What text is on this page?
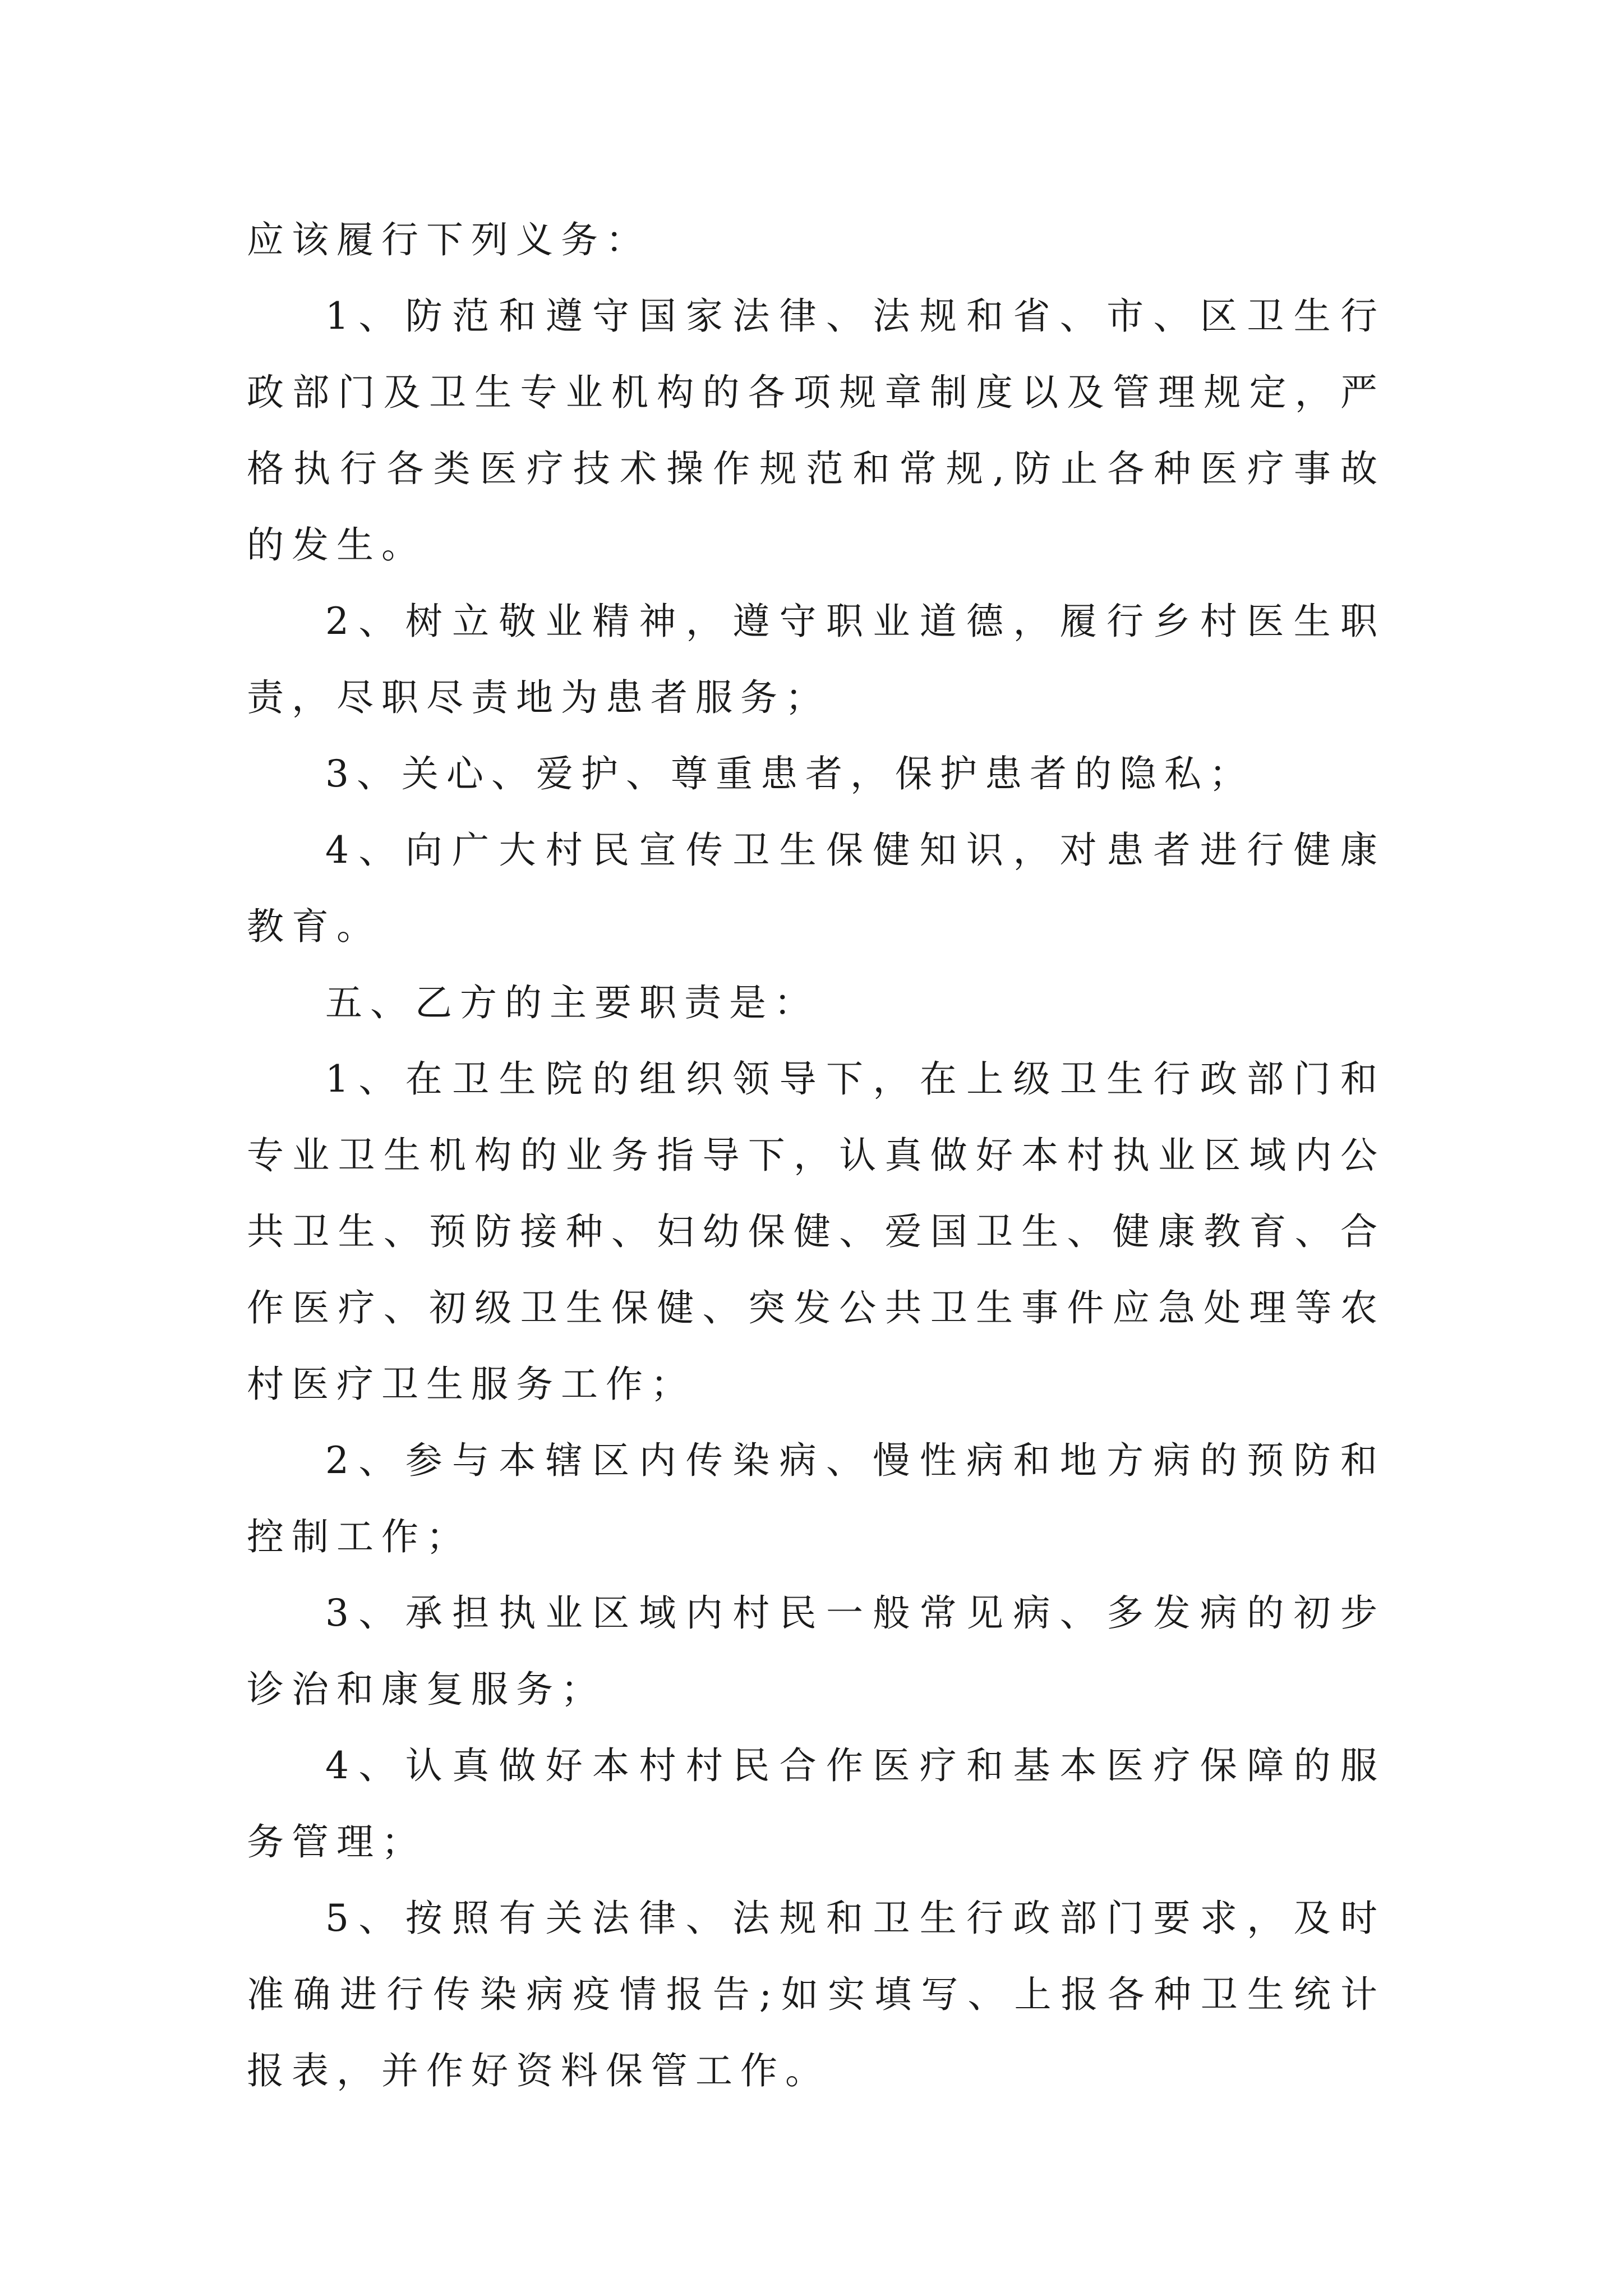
应该履行下列义务：

1、防范和遵守国家法律、法规和省、市、区卫生行政部门及卫生专业机构的各项规章制度以及管理规定，严格执行各类医疗技术操作规范和常规,防止各种医疗事故的发生。

2、树立敬业精神，遵守职业道德，履行乡村医生职责，尽职尽责地为患者服务；

3、关心、爱护、尊重患者，保护患者的隐私；

4、向广大村民宣传卫生保健知识，对患者进行健康教育。

五、乙方的主要职责是：

1、在卫生院的组织领导下，在上级卫生行政部门和专业卫生机构的业务指导下，认真做好本村执业区域内公共卫生、预防接种、妇幼保健、爱国卫生、健康教育、合作医疗、初级卫生保健、突发公共卫生事件应急处理等农村医疗卫生服务工作；

2、参与本辖区内传染病、慢性病和地方病的预防和控制工作；

3、承担执业区域内村民一般常见病、多发病的初步诊治和康复服务；

4、认真做好本村村民合作医疗和基本医疗保障的服务管理；

5、按照有关法律、法规和卫生行政部门要求，及时准确进行传染病疫情报告;如实填写、上报各种卫生统计报表，并作好资料保管工作。
